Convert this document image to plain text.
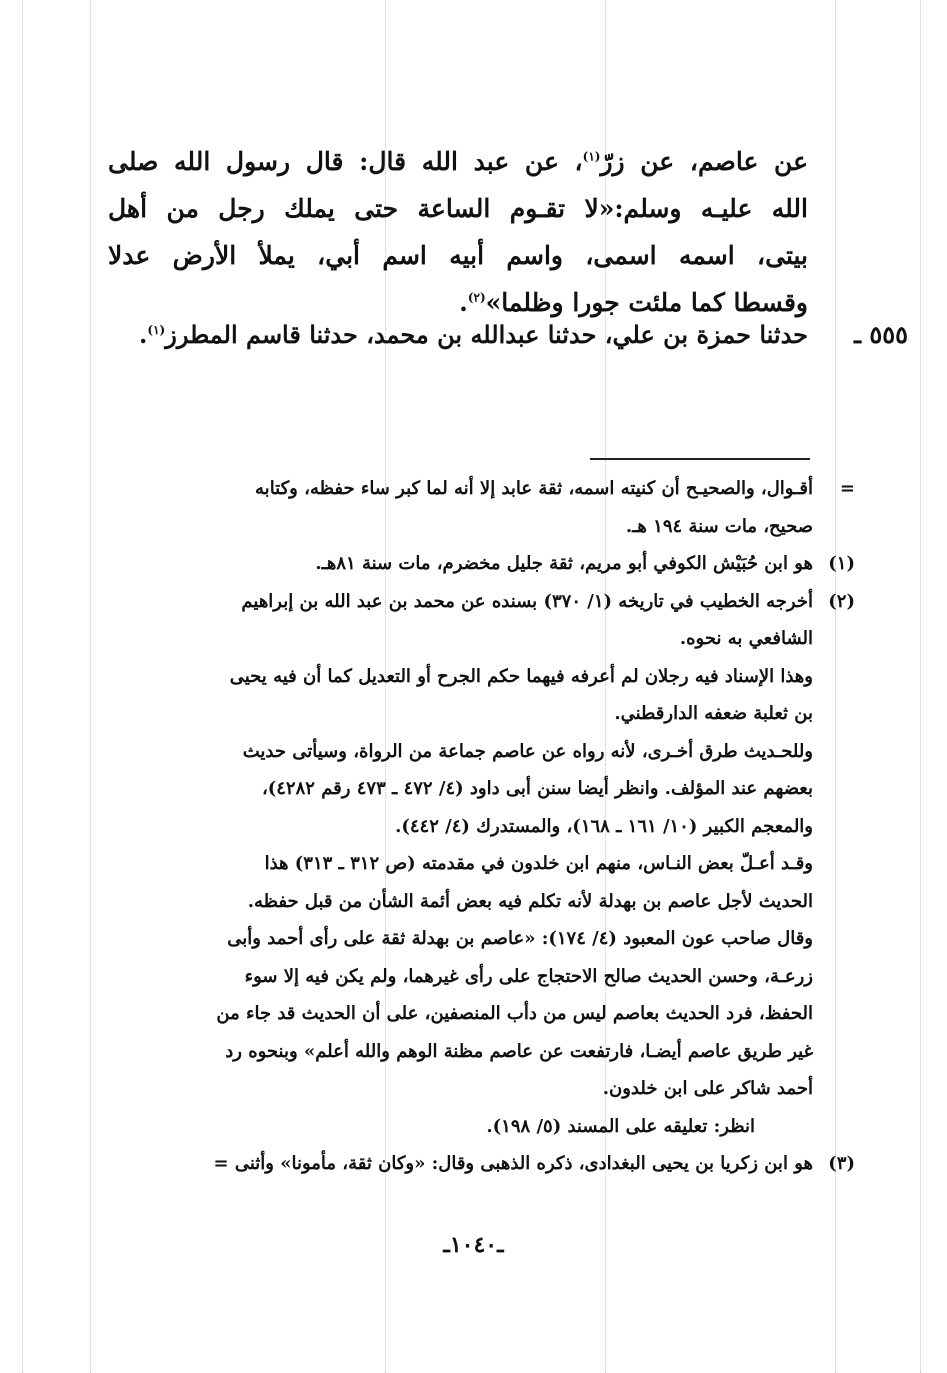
عن عاصم، عن زرّ$^{(١)}$، عن عبد الله قال: قال رسول الله صلى
الله عليـه وسلم:«لا تقـوم الساعة حتى يملك رجل من أهل
بيتى، اسمه اسمى، واسم أبيه اسم أبي، يملأ الأرض عدلا
وقسطا كما ملئت جورا وظلما»$^{(٢)}$.
٥٥٥ ـ
حدثنا حمزة بن علي، حدثنا عبدالله بن محمد، حدثنا قاسم المطرز$^{(١)}$.
=
أقـوال، والصحيـح أن كنيته اسمه، ثقة عابد إلا أنه لما كبر ساء حفظه، وكتابه
صحيح، مات سنة ١٩٤ هـ.
(١)
هو ابن حُبَيْش الكوفي أبو مريم، ثقة جليل مخضرم، مات سنة ٨١هـ.
(٢)
أخرجه الخطيب في تاريخه (١/ ٣٧٠) بسنده عن محمد بن عبد الله بن إبراهيم
الشافعي به نحوه.
وهذا الإسناد فيه رجلان لم أعرفه فيهما حكم الجرح أو التعديل كما أن فيه يحيى
بن ثعلبة ضعفه الدارقطني.
وللحـديث طرق أخـرى، لأنه رواه عن عاصم جماعة من الرواة، وسيأتى حديث
بعضهم عند المؤلف. وانظر أيضا سنن أبى داود (٤/ ٤٧٢ ـ ٤٧٣ رقم ٤٢٨٢)،
والمعجم الكبير (١٠/ ١٦١ ـ ١٦٨)، والمستدرك (٤/ ٤٤٢).
وقـد أعـلّ بعض النـاس، منهم ابن خلدون في مقدمته (ص ٣١٢ ـ ٣١٣) هذا
الحديث لأجل عاصم بن بهدلة لأنه تكلم فيه بعض أئمة الشأن من قبل حفظه.
وقال صاحب عون المعبود (٤/ ١٧٤): «عاصم بن بهدلة ثقة على رأى أحمد وأبى
زرعـة، وحسن الحديث صالح الاحتجاج على رأى غيرهما، ولم يكن فيه إلا سوء
الحفظ، فرد الحديث بعاصم ليس من دأب المنصفين، على أن الحديث قد جاء من
غير طريق عاصم أيضـا، فارتفعت عن عاصم مظنة الوهم والله أعلم» وبنحوه رد
أحمد شاكر على ابن خلدون.
انظر: تعليقه على المسند (٥/ ١٩٨).
(٣)
هو ابن زكريا بن يحيى البغدادى، ذكره الذهبى وقال: «وكان ثقة، مأمونا» وأثنى =
ـ١٠٤٠ـ
